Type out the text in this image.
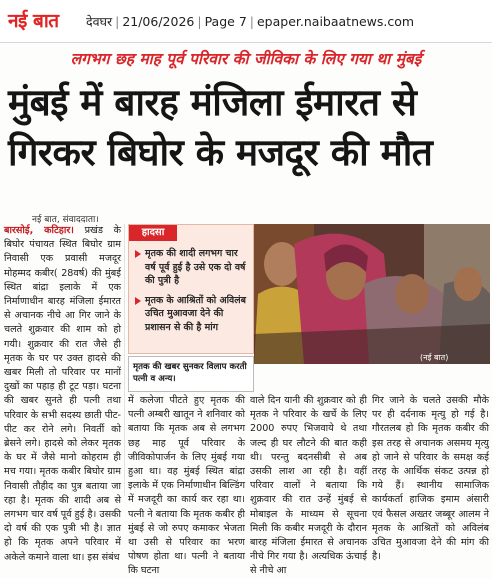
नई बात	देवघर | 21/06/2026 | Page 7 | epaper.naibaatnews.com
लगभग छह माह पूर्व परिवार की जीविका के लिए गया था मुंबई
मुंबई में बारह मंजिला ईमारत से
गिरकर बिघोर के मजदूर की मौत
नई बात, संवाददाता।
बारसोई, कटिहार। प्रखंड के बिघोर पंचायत स्थित बिघोर ग्राम निवासी एक प्रवासी मजदूर मोहम्मद कबीर( 28वर्ष) की मुंबई स्थित बांद्रा इलाके में एक निर्माणाधीन बारह मंजिला ईमारत से अचानक नीचे आ गिर जाने के चलते शुक्रवार की शाम को हो गयी। शुक्रवार की रात जैसे ही मृतक के घर पर उक्त हादसे की खबर मिली तो परिवार पर मानों दुखों का पहाड़ ही टूट पड़ा। घटना की खबर सुनते ही पत्नी तथा परिवार के सभी सदस्य छाती पीट-पीट कर रोने लगे। निवर्ती को ब्रेसने लगे। हादसे को लेकर मृतक के घर में जैसे मानो कोहराम ही मच गया। मृतक कबीर बिघोर ग्राम निवासी तौहीद का पुत्र बताया जा रहा है। मृतक की शादी अब से लगभग चार वर्ष पूर्व हुई है। उसकी दो वर्ष की एक पुत्री भी है। ज्ञात हो कि मृतक अपने परिवार में अकेले कमाने वाला था। इस संबंध
हादसा
मृतक की शादी लगभग चार वर्ष पूर्व हुई है उसे एक दो वर्ष की पुत्री है
मृतक के आश्रितों को अविलंब उचित मुआवजा देने की प्रशासन से की है मांग
मृतक की खबर सुनकर विलाप करती पत्नी व अन्य।
(नई बात)
में कलेजा पीटते हुए मृतक की पत्नी अम्बरी खातून ने शनिवार को बताया कि मृतक अब से लगभग छह माह पूर्व परिवार के जीविकोपार्जन के लिए मुंबई गया हुआ था। वह मुंबई स्थित बांद्रा इलाके में एक निर्माणाधीन बिल्डिंग में मजदूरी का कार्य कर रहा था। पत्नी ने बताया कि मृतक कबीर ही मुंबई से जो रुपए कमाकर भेजता था उसी से परिवार का भरण पोषण होता था। पत्नी ने बताया कि घटना
वाले दिन यानी की शुक्रवार को ही मृतक ने परिवार के खर्चे के लिए 2000 रुपए भिजवाये थे तथा जल्द ही घर लौटने की बात कही थी। परन्तु बदनसीबी से अब उसकी लाश आ रही है। वहीं परिवार वालों ने बताया कि शुक्रवार की रात उन्हें मुंबई से मोबाइल के माध्यम से सूचना मिली कि कबीर मजदूरी के दौरान बारह मंजिला ईमारत से अचानक नीचे गिर गया है। अत्यधिक ऊंचाई से नीचे आ
गिर जाने के चलते उसकी मौके पर ही दर्दनाक मृत्यु हो गई है। गौरतलब हो कि मृतक कबीर की इस तरह से अचानक असमय मृत्यु हो जाने से परिवार के समक्ष कई तरह के आर्थिक संकट उत्पन्न हो गये हैं। स्थानीय सामाजिक कार्यकर्ता हाजिक इमाम अंसारी एवं फैसल अख्तर जब्बूर आलम ने मृतक के आश्रितों को अविलंब उचित मुआवजा देने की मांग की है।
